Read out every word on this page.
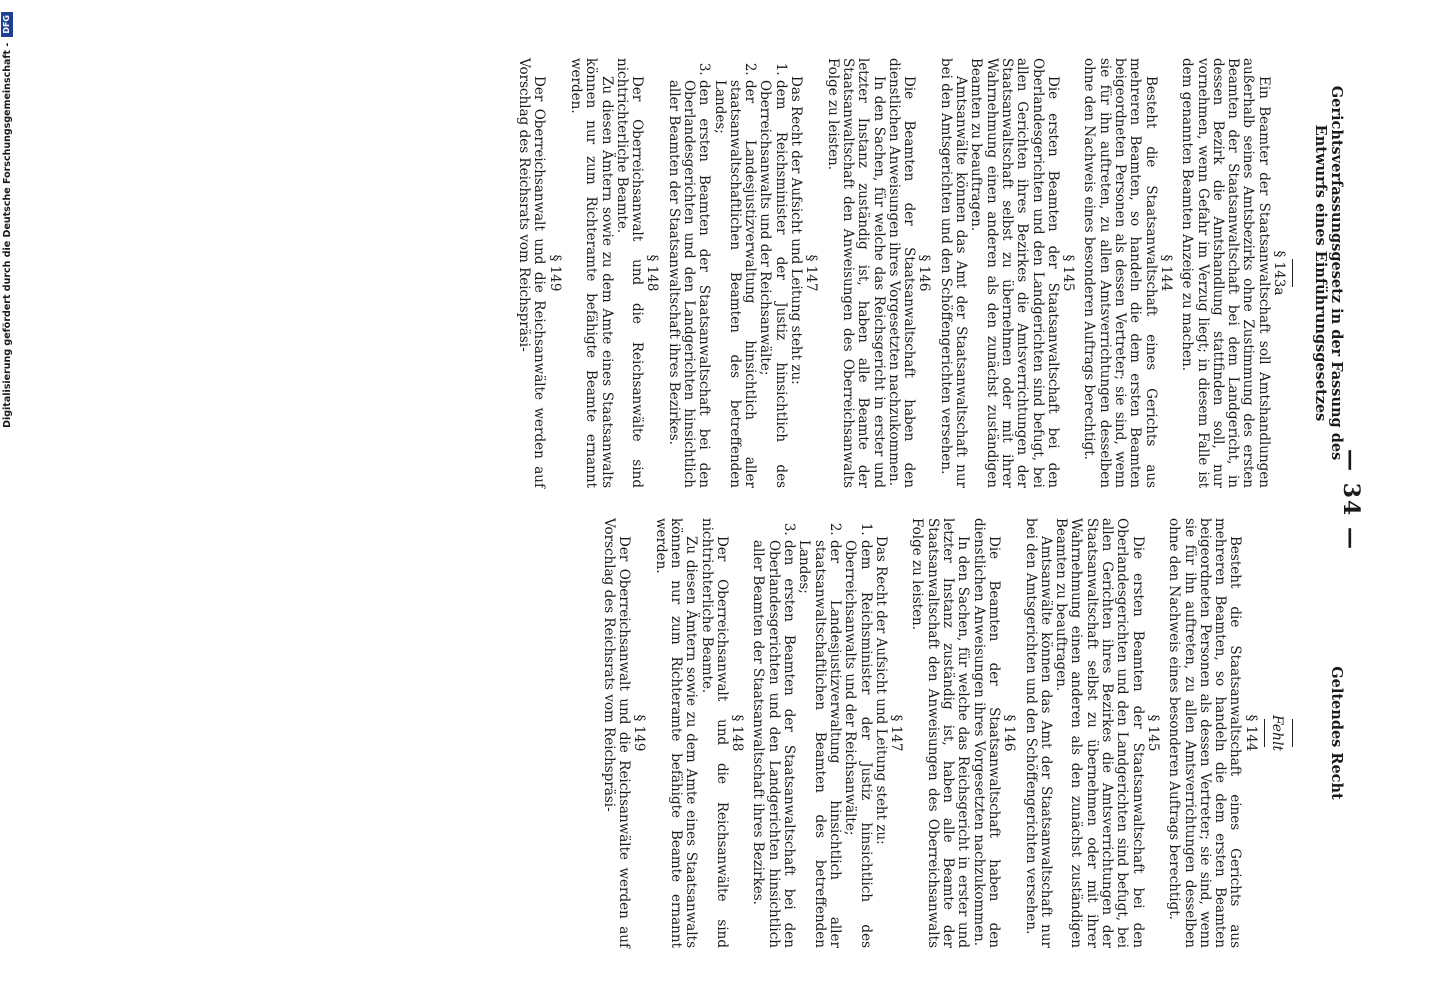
— 34 —
Gerichtsverfassungsgesetz in der Fassung des Entwurfs eines Einführungsgesetzes
§ 143a

Ein Beamter der Staatsanwaltschaft soll Amtshandlungen außerhalb seines Amtsbezirks ohne Zustimmung des ersten Beamten der Staatsanwaltschaft bei dem Landgericht, in dessen Bezirk die Amtshandlung stattfinden soll, nur vornehmen, wenn Gefahr im Verzug liegt; in diesem Falle ist dem genannten Beamten Anzeige zu machen.

§ 144

Besteht die Staatsanwaltschaft eines Gerichts aus mehreren Beamten, so handeln die dem ersten Beamten beigeordneten Personen als dessen Vertreter; sie sind, wenn sie für ihn auftreten, zu allen Amtsverrichtungen desselben ohne den Nachweis eines besonderen Auftrags berechtigt.

§ 145

Die ersten Beamten der Staatsanwaltschaft bei den Oberlandesgerichten und den Landgerichten sind befugt, bei allen Gerichten ihres Bezirkes die Amtsverrichtungen der Staatsanwaltschaft selbst zu übernehmen oder mit ihrer Wahrnehmung einen anderen als den zunächst zuständigen Beamten zu beauftragen.

Amtsanwälte können das Amt der Staatsanwaltschaft nur bei den Amtsgerichten und den Schöffengerichten versehen.

§ 146

Die Beamten der Staatsanwaltschaft haben den dienstlichen Anweisungen ihres Vorgesetzten nachzukommen.

In den Sachen, für welche das Reichsgericht in erster und letzter Instanz zuständig ist, haben alle Beamte der Staatsanwaltschaft den Anweisungen des Oberreichsanwalts Folge zu leisten.

§ 147

Das Recht der Aufsicht und Leitung steht zu:

1. dem Reichsminister der Justiz hinsichtlich des Oberreichsanwalts und der Reichsanwälte;
2. der Landesjustizverwaltung hinsichtlich aller staatsanwaltschaftlichen Beamten des betreffenden Landes;
3. den ersten Beamten der Staatsanwaltschaft bei den Oberlandesgerichten und den Landgerichten hinsichtlich aller Beamten der Staatsanwaltschaft ihres Bezirkes.
§ 148

Der Oberreichsanwalt und die Reichsanwälte sind nichtrichterliche Beamte.

Zu diesen Ämtern sowie zu dem Amte eines Staatsanwalts können nur zum Richteramte befähigte Beamte ernannt werden.

§ 149

Der Oberreichsanwalt und die Reichsanwälte werden auf Vorschlag des Reichsrats vom Reichspräsi-

Geltendes Recht
Fehlt
§ 144

Besteht die Staatsanwaltschaft eines Gerichts aus mehreren Beamten, so handeln die dem ersten Beamten beigeordneten Personen als dessen Vertreter; sie sind, wenn sie für ihn auftreten, zu allen Amtsverrichtungen desselben ohne den Nachweis eines besonderen Auftrags berechtigt.

§ 145

Die ersten Beamten der Staatsanwaltschaft bei den Oberlandesgerichten und den Landgerichten sind befugt, bei allen Gerichten ihres Bezirkes die Amtsverrichtungen der Staatsanwaltschaft selbst zu übernehmen oder mit ihrer Wahrnehmung einen anderen als den zunächst zuständigen Beamten zu beauftragen.

Amtsanwälte können das Amt der Staatsanwaltschaft nur bei den Amtsgerichten und den Schöffengerichten versehen.

§ 146

Die Beamten der Staatsanwaltschaft haben den dienstlichen Anweisungen ihres Vorgesetzten nachzukommen.

In den Sachen, für welche das Reichsgericht in erster und letzter Instanz zuständig ist, haben alle Beamte der Staatsanwaltschaft den Anweisungen des Oberreichsanwalts Folge zu leisten.

§ 147

Das Recht der Aufsicht und Leitung steht zu:

1. dem Reichsminister der Justiz hinsichtlich des Oberreichsanwalts und der Reichsanwälte;
2. der Landesjustizverwaltung hinsichtlich aller staatsanwaltschaftlichen Beamten des betreffenden Landes;
3. den ersten Beamten der Staatsanwaltschaft bei den Oberlandesgerichten und den Landgerichten hinsichtlich aller Beamten der Staatsanwaltschaft ihres Bezirkes.
§ 148

Der Oberreichsanwalt und die Reichsanwälte sind nichtrichterliche Beamte.

Zu diesen Ämtern sowie zu dem Amte eines Staatsanwalts können nur zum Richteramte befähigte Beamte ernannt werden.

§ 149

Der Oberreichsanwalt und die Reichsanwälte werden auf Vorschlag des Reichsrats vom Reichspräsi-

Digitalisierung gefördert durch die Deutsche Forschungsgemeinschaft -
DFG
